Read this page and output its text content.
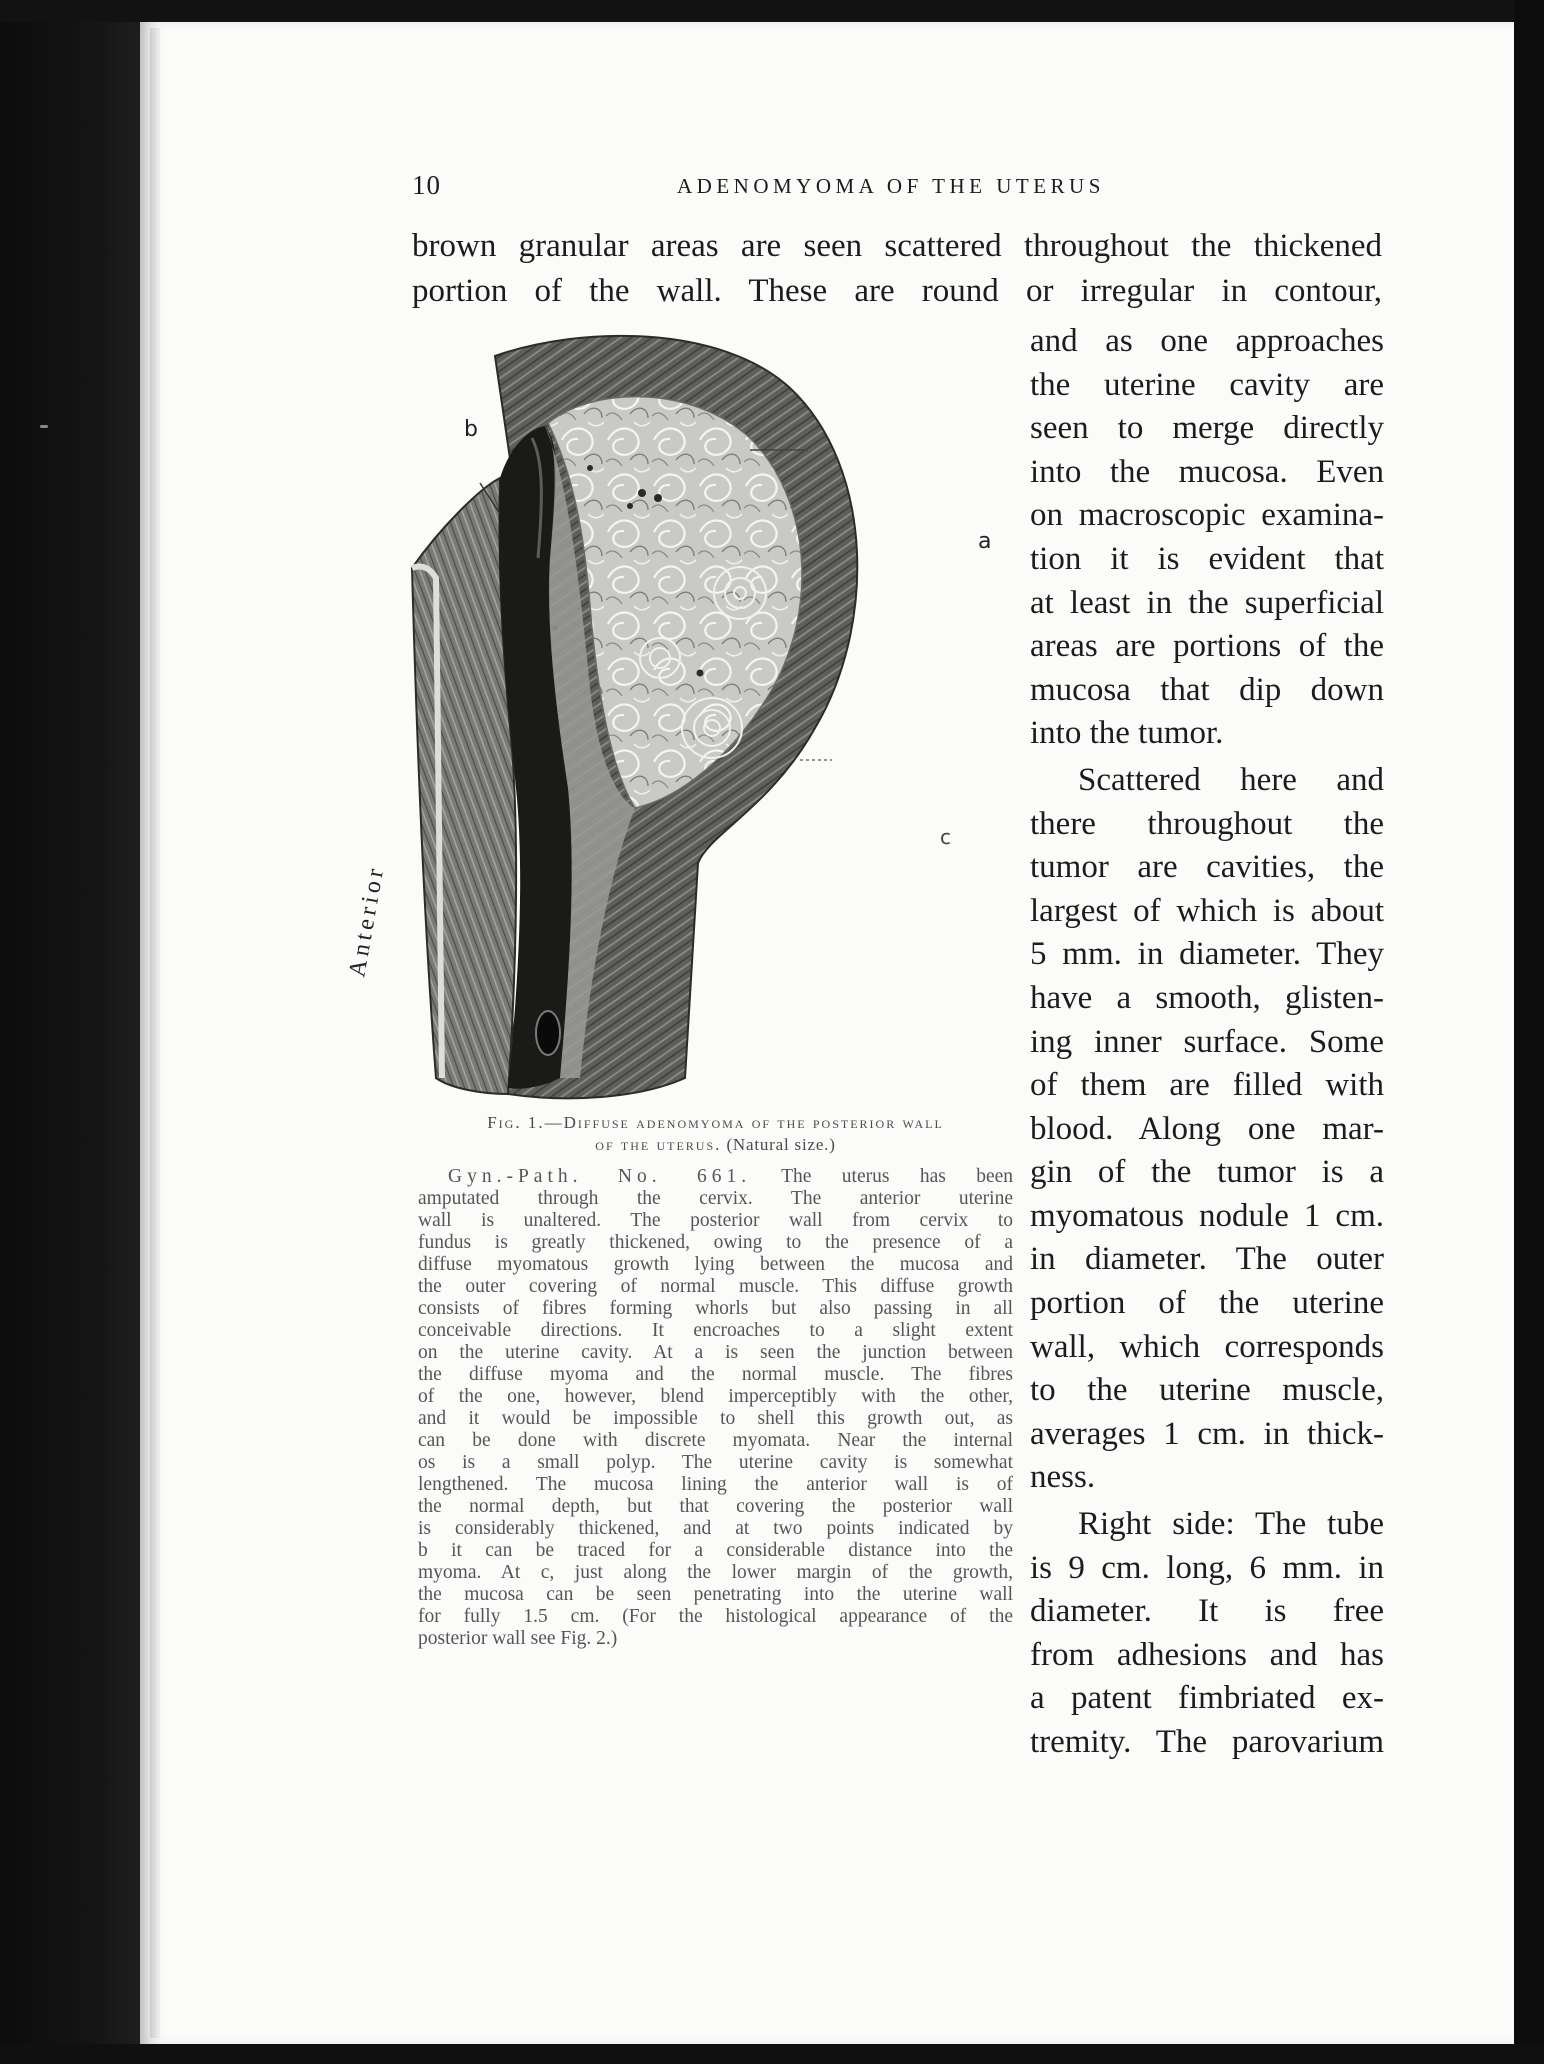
10	ADENOMYOMA OF THE UTERUS
brown granular areas are seen scattered throughout the thickened
portion of the wall. These are round or irregular in contour,
b
a
c
Anterior
Fig. 1.—Diffuse adenomyoma of the posterior wall
of the uterus. (Natural size.)
Gyn.-Path. No. 661. The uterus has been
amputated through the cervix. The anterior uterine
wall is unaltered. The posterior wall from cervix to
fundus is greatly thickened, owing to the presence of a
diffuse myomatous growth lying between the mucosa and
the outer covering of normal muscle. This diffuse growth
consists of fibres forming whorls but also passing in all
conceivable directions. It encroaches to a slight extent
on the uterine cavity. At a is seen the junction between
the diffuse myoma and the normal muscle. The fibres
of the one, however, blend imperceptibly with the other,
and it would be impossible to shell this growth out, as
can be done with discrete myomata. Near the internal
os is a small polyp. The uterine cavity is somewhat
lengthened. The mucosa lining the anterior wall is of
the normal depth, but that covering the posterior wall
is considerably thickened, and at two points indicated by
b it can be traced for a considerable distance into the
myoma. At c, just along the lower margin of the growth,
the mucosa can be seen penetrating into the uterine wall
for fully 1.5 cm. (For the histological appearance of the
posterior wall see Fig. 2.)
and as one approaches
the uterine cavity are
seen to merge directly
into the mucosa. Even
on macroscopic examina-
tion it is evident that
at least in the superficial
areas are portions of the
mucosa that dip down
into the tumor.
Scattered here and
there throughout the
tumor are cavities, the
largest of which is about
5 mm. in diameter. They
have a smooth, glisten-
ing inner surface. Some
of them are filled with
blood. Along one mar-
gin of the tumor is a
myomatous nodule 1 cm.
in diameter. The outer
portion of the uterine
wall, which corresponds
to the uterine muscle,
averages 1 cm. in thick-
ness.
Right side: The tube
is 9 cm. long, 6 mm. in
diameter. It is free
from adhesions and has
a patent fimbriated ex-
tremity. The parovarium
